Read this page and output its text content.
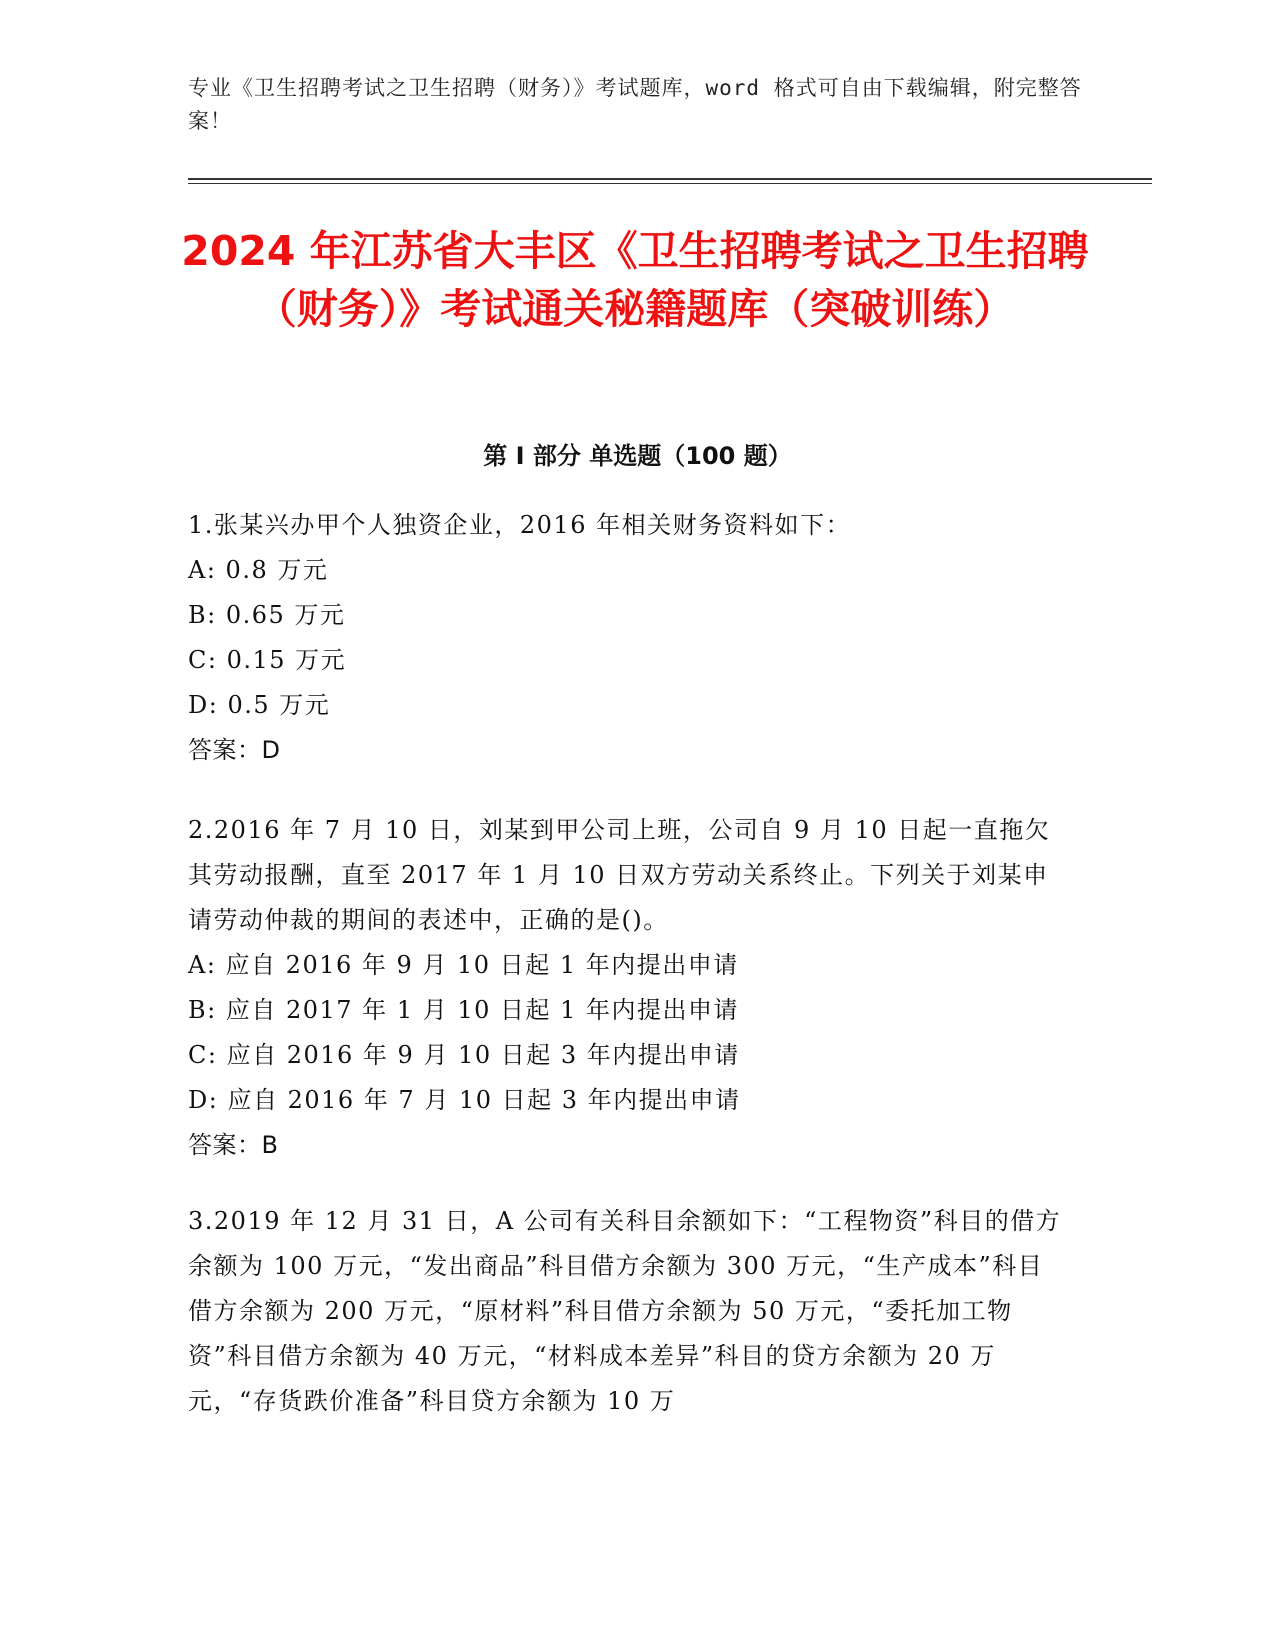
专业《卫生招聘考试之卫生招聘（财务）》考试题库，word 格式可自由下载编辑，附完整答案！
2024 年江苏省大丰区《卫生招聘考试之卫生招聘（财务）》考试通关秘籍题库（突破训练）
第 I 部分 单选题（100 题）
1.张某兴办甲个人独资企业，2016 年相关财务资料如下：
A: 0.8 万元
B: 0.65 万元
C: 0.15 万元
D: 0.5 万元
答案：D
2.2016 年 7 月 10 日，刘某到甲公司上班，公司自 9 月 10 日起一直拖欠其劳动报酬，直至 2017 年 1 月 10 日双方劳动关系终止。下列关于刘某申请劳动仲裁的期间的表述中，正确的是()。
A: 应自 2016 年 9 月 10 日起 1 年内提出申请
B: 应自 2017 年 1 月 10 日起 1 年内提出申请
C: 应自 2016 年 9 月 10 日起 3 年内提出申请
D: 应自 2016 年 7 月 10 日起 3 年内提出申请
答案：B
3.2019 年 12 月 31 日，A 公司有关科目余额如下：“工程物资”科目的借方余额为 100 万元，“发出商品”科目借方余额为 300 万元，“生产成本”科目借方余额为 200 万元，“原材料”科目借方余额为 50 万元，“委托加工物资”科目借方余额为 40 万元，“材料成本差异”科目的贷方余额为 20 万元，“存货跌价准备”科目贷方余额为 10 万
